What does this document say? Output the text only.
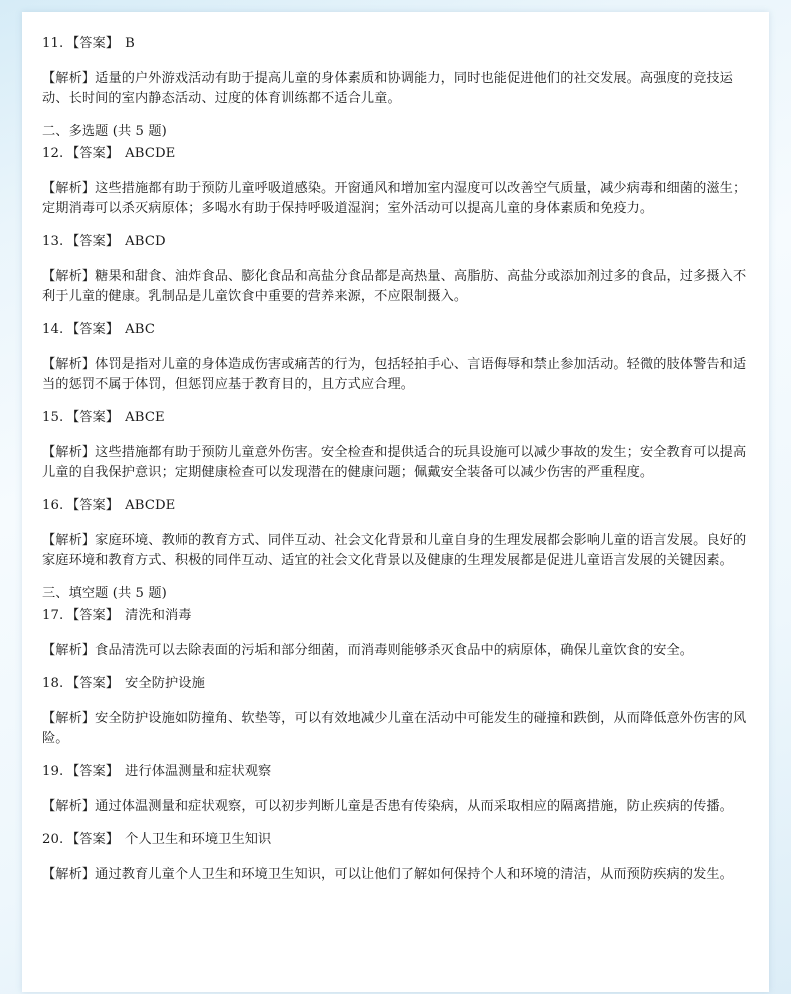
11. 【答案】 B

【解析】适量的户外游戏活动有助于提高儿童的身体素质和协调能力，同时也能促进他们的社交发展。高强度的竞技运动、长时间的室内静态活动、过度的体育训练都不适合儿童。

二、多选题 (共 5 题)

12. 【答案】 ABCDE

【解析】这些措施都有助于预防儿童呼吸道感染。开窗通风和增加室内湿度可以改善空气质量，减少病毒和细菌的滋生；定期消毒可以杀灭病原体；多喝水有助于保持呼吸道湿润；室外活动可以提高儿童的身体素质和免疫力。

13. 【答案】 ABCD

【解析】糖果和甜食、油炸食品、膨化食品和高盐分食品都是高热量、高脂肪、高盐分或添加剂过多的食品，过多摄入不利于儿童的健康。乳制品是儿童饮食中重要的营养来源，不应限制摄入。

14. 【答案】 ABC

【解析】体罚是指对儿童的身体造成伤害或痛苦的行为，包括轻拍手心、言语侮辱和禁止参加活动。轻微的肢体警告和适当的惩罚不属于体罚，但惩罚应基于教育目的，且方式应合理。

15. 【答案】 ABCE

【解析】这些措施都有助于预防儿童意外伤害。安全检查和提供适合的玩具设施可以减少事故的发生；安全教育可以提高儿童的自我保护意识；定期健康检查可以发现潜在的健康问题；佩戴安全装备可以减少伤害的严重程度。

16. 【答案】 ABCDE

【解析】家庭环境、教师的教育方式、同伴互动、社会文化背景和儿童自身的生理发展都会影响儿童的语言发展。良好的家庭环境和教育方式、积极的同伴互动、适宜的社会文化背景以及健康的生理发展都是促进儿童语言发展的关键因素。

三、填空题 (共 5 题)

17. 【答案】 清洗和消毒

【解析】食品清洗可以去除表面的污垢和部分细菌，而消毒则能够杀灭食品中的病原体，确保儿童饮食的安全。

18. 【答案】 安全防护设施

【解析】安全防护设施如防撞角、软垫等，可以有效地减少儿童在活动中可能发生的碰撞和跌倒，从而降低意外伤害的风险。

19. 【答案】 进行体温测量和症状观察

【解析】通过体温测量和症状观察，可以初步判断儿童是否患有传染病，从而采取相应的隔离措施，防止疾病的传播。

20. 【答案】 个人卫生和环境卫生知识

【解析】通过教育儿童个人卫生和环境卫生知识，可以让他们了解如何保持个人和环境的清洁，从而预防疾病的发生。
